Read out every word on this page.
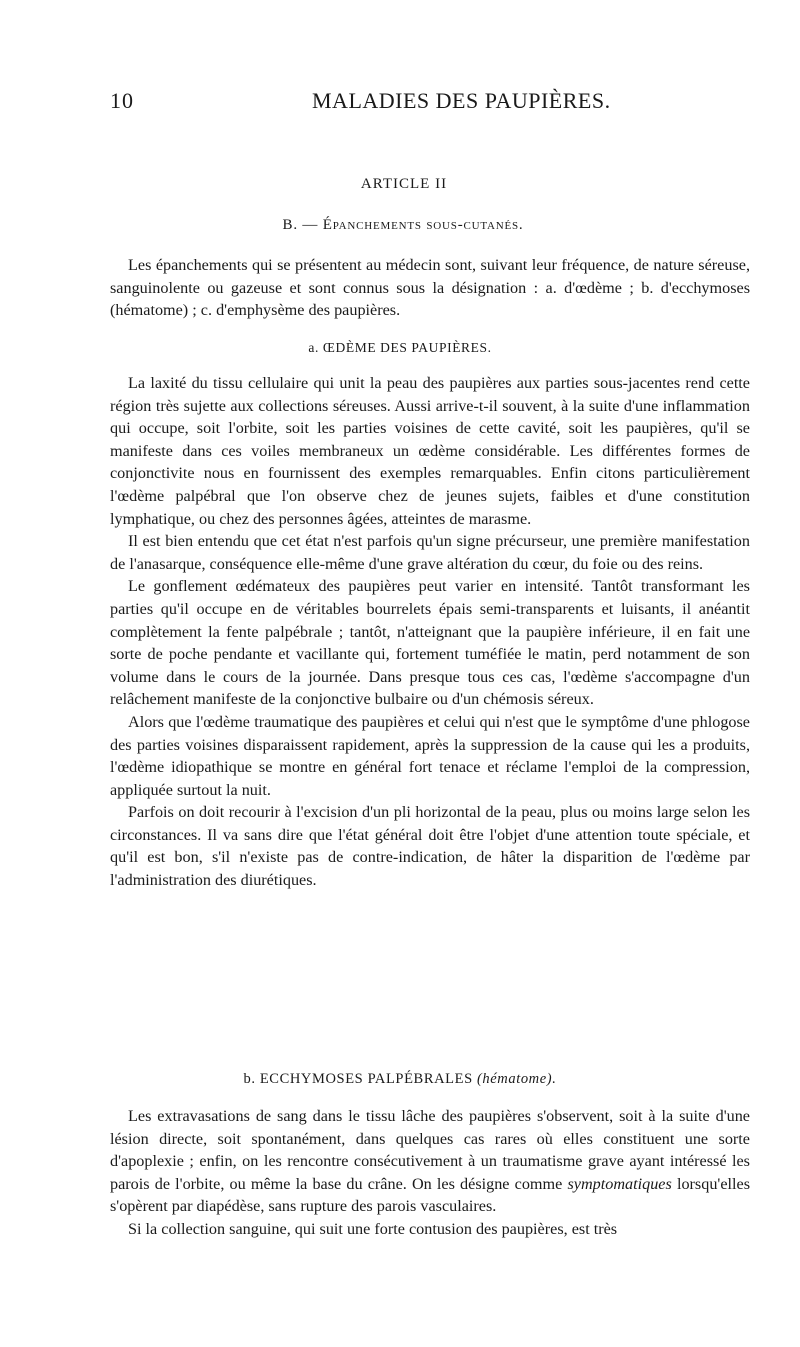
10	MALADIES DES PAUPIÈRES.
ARTICLE II
B. — Épanchements sous-cutanés.

Les épanchements qui se présentent au médecin sont, suivant leur fréquence, de nature séreuse, sanguinolente ou gazeuse et sont connus sous la désignation : a. d'œdème ; b. d'ecchymoses (hématome) ; c. d'emphysème des paupières.

a. ŒDÈME DES PAUPIÈRES.

La laxité du tissu cellulaire qui unit la peau des paupières aux parties sous-jacentes rend cette région très sujette aux collections séreuses. Aussi arrive-t-il souvent, à la suite d'une inflammation qui occupe, soit l'orbite, soit les parties voisines de cette cavité, soit les paupières, qu'il se manifeste dans ces voiles membraneux un œdème considérable. Les différentes formes de conjonctivite nous en fournissent des exemples remarquables. Enfin citons particulièrement l'œdème palpébral que l'on observe chez de jeunes sujets, faibles et d'une constitution lymphatique, ou chez des personnes âgées, atteintes de marasme.

Il est bien entendu que cet état n'est parfois qu'un signe précurseur, une première manifestation de l'anasarque, conséquence elle-même d'une grave altération du cœur, du foie ou des reins.

Le gonflement œdémateux des paupières peut varier en intensité. Tantôt transformant les parties qu'il occupe en de véritables bourrelets épais semi-transparents et luisants, il anéantit complètement la fente palpébrale ; tantôt, n'atteignant que la paupière inférieure, il en fait une sorte de poche pendante et vacillante qui, fortement tuméfiée le matin, perd notamment de son volume dans le cours de la journée. Dans presque tous ces cas, l'œdème s'accompagne d'un relâchement manifeste de la conjonctive bulbaire ou d'un chémosis séreux.

Alors que l'œdème traumatique des paupières et celui qui n'est que le symptôme d'une phlogose des parties voisines disparaissent rapidement, après la suppression de la cause qui les a produits, l'œdème idiopathique se montre en général fort tenace et réclame l'emploi de la compression, appliquée surtout la nuit.

Parfois on doit recourir à l'excision d'un pli horizontal de la peau, plus ou moins large selon les circonstances. Il va sans dire que l'état général doit être l'objet d'une attention toute spéciale, et qu'il est bon, s'il n'existe pas de contre-indication, de hâter la disparition de l'œdème par l'administration des diurétiques.

b. ECCHYMOSES PALPÉBRALES (hématome).

Les extravasations de sang dans le tissu lâche des paupières s'observent, soit à la suite d'une lésion directe, soit spontanément, dans quelques cas rares où elles constituent une sorte d'apoplexie ; enfin, on les rencontre consécutivement à un traumatisme grave ayant intéressé les parois de l'orbite, ou même la base du crâne. On les désigne comme symptomatiques lorsqu'elles s'opèrent par diapédèse, sans rupture des parois vasculaires.

Si la collection sanguine, qui suit une forte contusion des paupières, est très
